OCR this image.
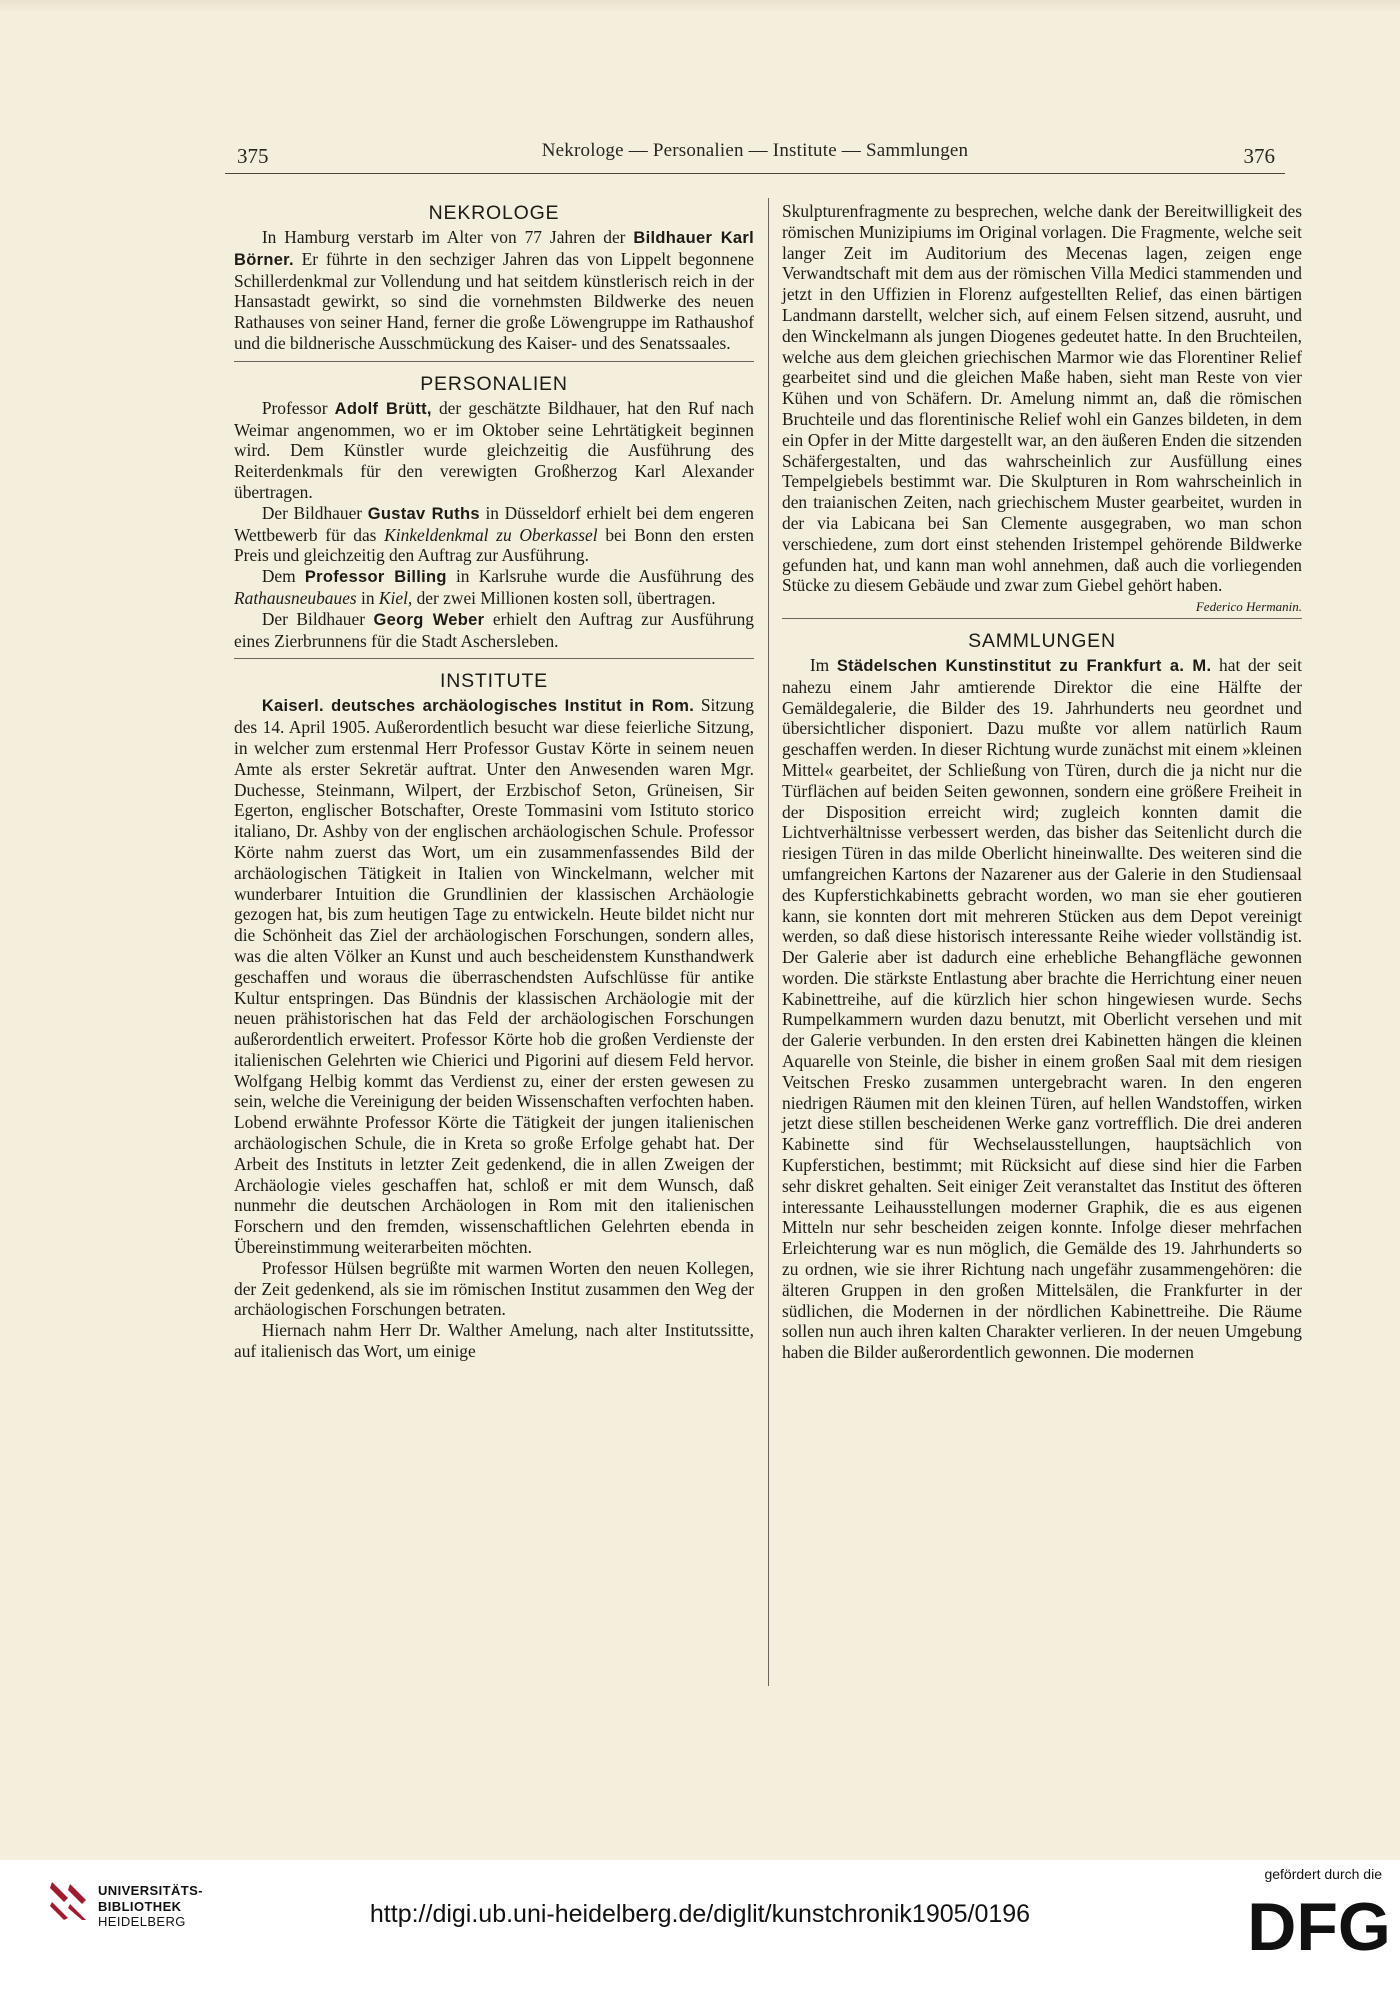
375	Nekrologe — Personalien — Institute — Sammlungen	376
NEKROLOGE

In Hamburg verstarb im Alter von 77 Jahren der Bildhauer Karl Börner. Er führte in den sechziger Jahren das von Lippelt begonnene Schillerdenkmal zur Vollendung und hat seitdem künstlerisch reich in der Hansastadt gewirkt, so sind die vornehmsten Bildwerke des neuen Rathauses von seiner Hand, ferner die große Löwengruppe im Rathaushof und die bildnerische Ausschmückung des Kaiser- und des Senatssaales.

PERSONALIEN

Professor Adolf Brütt, der geschätzte Bildhauer, hat den Ruf nach Weimar angenommen, wo er im Oktober seine Lehrtätigkeit beginnen wird. Dem Künstler wurde gleichzeitig die Ausführung des Reiterdenkmals für den verewigten Großherzog Karl Alexander übertragen.

Der Bildhauer Gustav Ruths in Düsseldorf erhielt bei dem engeren Wettbewerb für das Kinkeldenkmal zu Oberkassel bei Bonn den ersten Preis und gleichzeitig den Auftrag zur Ausführung.

Dem Professor Billing in Karlsruhe wurde die Ausführung des Rathausneubaues in Kiel, der zwei Millionen kosten soll, übertragen.

Der Bildhauer Georg Weber erhielt den Auftrag zur Ausführung eines Zierbrunnens für die Stadt Aschersleben.

INSTITUTE

Kaiserl. deutsches archäologisches Institut in Rom. Sitzung des 14. April 1905. Außerordentlich besucht war diese feierliche Sitzung, in welcher zum erstenmal Herr Professor Gustav Körte in seinem neuen Amte als erster Sekretär auftrat. Unter den Anwesenden waren Mgr. Duchesse, Steinmann, Wilpert, der Erzbischof Seton, Grüneisen, Sir Egerton, englischer Botschafter, Oreste Tommasini vom Istituto storico italiano, Dr. Ashby von der englischen archäologischen Schule. Professor Körte nahm zuerst das Wort, um ein zusammenfassendes Bild der archäologischen Tätigkeit in Italien von Winckelmann, welcher mit wunderbarer Intuition die Grundlinien der klassischen Archäologie gezogen hat, bis zum heutigen Tage zu entwickeln. Heute bildet nicht nur die Schönheit das Ziel der archäologischen Forschungen, sondern alles, was die alten Völker an Kunst und auch bescheidenstem Kunsthandwerk geschaffen und woraus die überraschendsten Aufschlüsse für antike Kultur entspringen. Das Bündnis der klassischen Archäologie mit der neuen prähistorischen hat das Feld der archäologischen Forschungen außerordentlich erweitert. Professor Körte hob die großen Verdienste der italienischen Gelehrten wie Chierici und Pigorini auf diesem Feld hervor. Wolfgang Helbig kommt das Verdienst zu, einer der ersten gewesen zu sein, welche die Vereinigung der beiden Wissenschaften verfochten haben. Lobend erwähnte Professor Körte die Tätigkeit der jungen italienischen archäologischen Schule, die in Kreta so große Erfolge gehabt hat. Der Arbeit des Instituts in letzter Zeit gedenkend, die in allen Zweigen der Archäologie vieles geschaffen hat, schloß er mit dem Wunsch, daß nunmehr die deutschen Archäologen in Rom mit den italienischen Forschern und den fremden, wissenschaftlichen Gelehrten ebenda in Übereinstimmung weiterarbeiten möchten.

Professor Hülsen begrüßte mit warmen Worten den neuen Kollegen, der Zeit gedenkend, als sie im römischen Institut zusammen den Weg der archäologischen Forschungen betraten.

Hiernach nahm Herr Dr. Walther Amelung, nach alter Institutssitte, auf italienisch das Wort, um einige

Skulpturenfragmente zu besprechen, welche dank der Bereitwilligkeit des römischen Munizipiums im Original vorlagen. Die Fragmente, welche seit langer Zeit im Auditorium des Mecenas lagen, zeigen enge Verwandtschaft mit dem aus der römischen Villa Medici stammenden und jetzt in den Uffizien in Florenz aufgestellten Relief, das einen bärtigen Landmann darstellt, welcher sich, auf einem Felsen sitzend, ausruht, und den Winckelmann als jungen Diogenes gedeutet hatte. In den Bruchteilen, welche aus dem gleichen griechischen Marmor wie das Florentiner Relief gearbeitet sind und die gleichen Maße haben, sieht man Reste von vier Kühen und von Schäfern. Dr. Amelung nimmt an, daß die römischen Bruchteile und das florentinische Relief wohl ein Ganzes bildeten, in dem ein Opfer in der Mitte dargestellt war, an den äußeren Enden die sitzenden Schäfergestalten, und das wahrscheinlich zur Ausfüllung eines Tempelgiebels bestimmt war. Die Skulpturen in Rom wahrscheinlich in den traianischen Zeiten, nach griechischem Muster gearbeitet, wurden in der via Labicana bei San Clemente ausgegraben, wo man schon verschiedene, zum dort einst stehenden Iristempel gehörende Bildwerke gefunden hat, und kann man wohl annehmen, daß auch die vorliegenden Stücke zu diesem Gebäude und zwar zum Giebel gehört haben.
Federico Hermanin.

SAMMLUNGEN

Im Städelschen Kunstinstitut zu Frankfurt a. M. hat der seit nahezu einem Jahr amtierende Direktor die eine Hälfte der Gemäldegalerie, die Bilder des 19. Jahrhunderts neu geordnet und übersichtlicher disponiert. Dazu mußte vor allem natürlich Raum geschaffen werden. In dieser Richtung wurde zunächst mit einem »kleinen Mittel« gearbeitet, der Schließung von Türen, durch die ja nicht nur die Türflächen auf beiden Seiten gewonnen, sondern eine größere Freiheit in der Disposition erreicht wird; zugleich konnten damit die Lichtverhältnisse verbessert werden, das bisher das Seitenlicht durch die riesigen Türen in das milde Oberlicht hineinwallte. Des weiteren sind die umfangreichen Kartons der Nazarener aus der Galerie in den Studiensaal des Kupferstichkabinetts gebracht worden, wo man sie eher goutieren kann, sie konnten dort mit mehreren Stücken aus dem Depot vereinigt werden, so daß diese historisch interessante Reihe wieder vollständig ist. Der Galerie aber ist dadurch eine erhebliche Behangfläche gewonnen worden. Die stärkste Entlastung aber brachte die Herrichtung einer neuen Kabinettreihe, auf die kürzlich hier schon hingewiesen wurde. Sechs Rumpelkammern wurden dazu benutzt, mit Oberlicht versehen und mit der Galerie verbunden. In den ersten drei Kabinetten hängen die kleinen Aquarelle von Steinle, die bisher in einem großen Saal mit dem riesigen Veitschen Fresko zusammen untergebracht waren. In den engeren niedrigen Räumen mit den kleinen Türen, auf hellen Wandstoffen, wirken jetzt diese stillen bescheidenen Werke ganz vortrefflich. Die drei anderen Kabinette sind für Wechselausstellungen, hauptsächlich von Kupferstichen, bestimmt; mit Rücksicht auf diese sind hier die Farben sehr diskret gehalten. Seit einiger Zeit veranstaltet das Institut des öfteren interessante Leihausstellungen moderner Graphik, die es aus eigenen Mitteln nur sehr bescheiden zeigen konnte. Infolge dieser mehrfachen Erleichterung war es nun möglich, die Gemälde des 19. Jahrhunderts so zu ordnen, wie sie ihrer Richtung nach ungefähr zusammengehören: die älteren Gruppen in den großen Mittelsälen, die Frankfurter in der südlichen, die Modernen in der nördlichen Kabinettreihe. Die Räume sollen nun auch ihren kalten Charakter verlieren. In der neuen Umgebung haben die Bilder außerordentlich gewonnen. Die modernen

UNIVERSITÄTS-
BIBLIOTHEK
HEIDELBERG	http://digi.ub.uni-heidelberg.de/diglit/kunstchronik1905/0196
gefördert durch die
DFG
